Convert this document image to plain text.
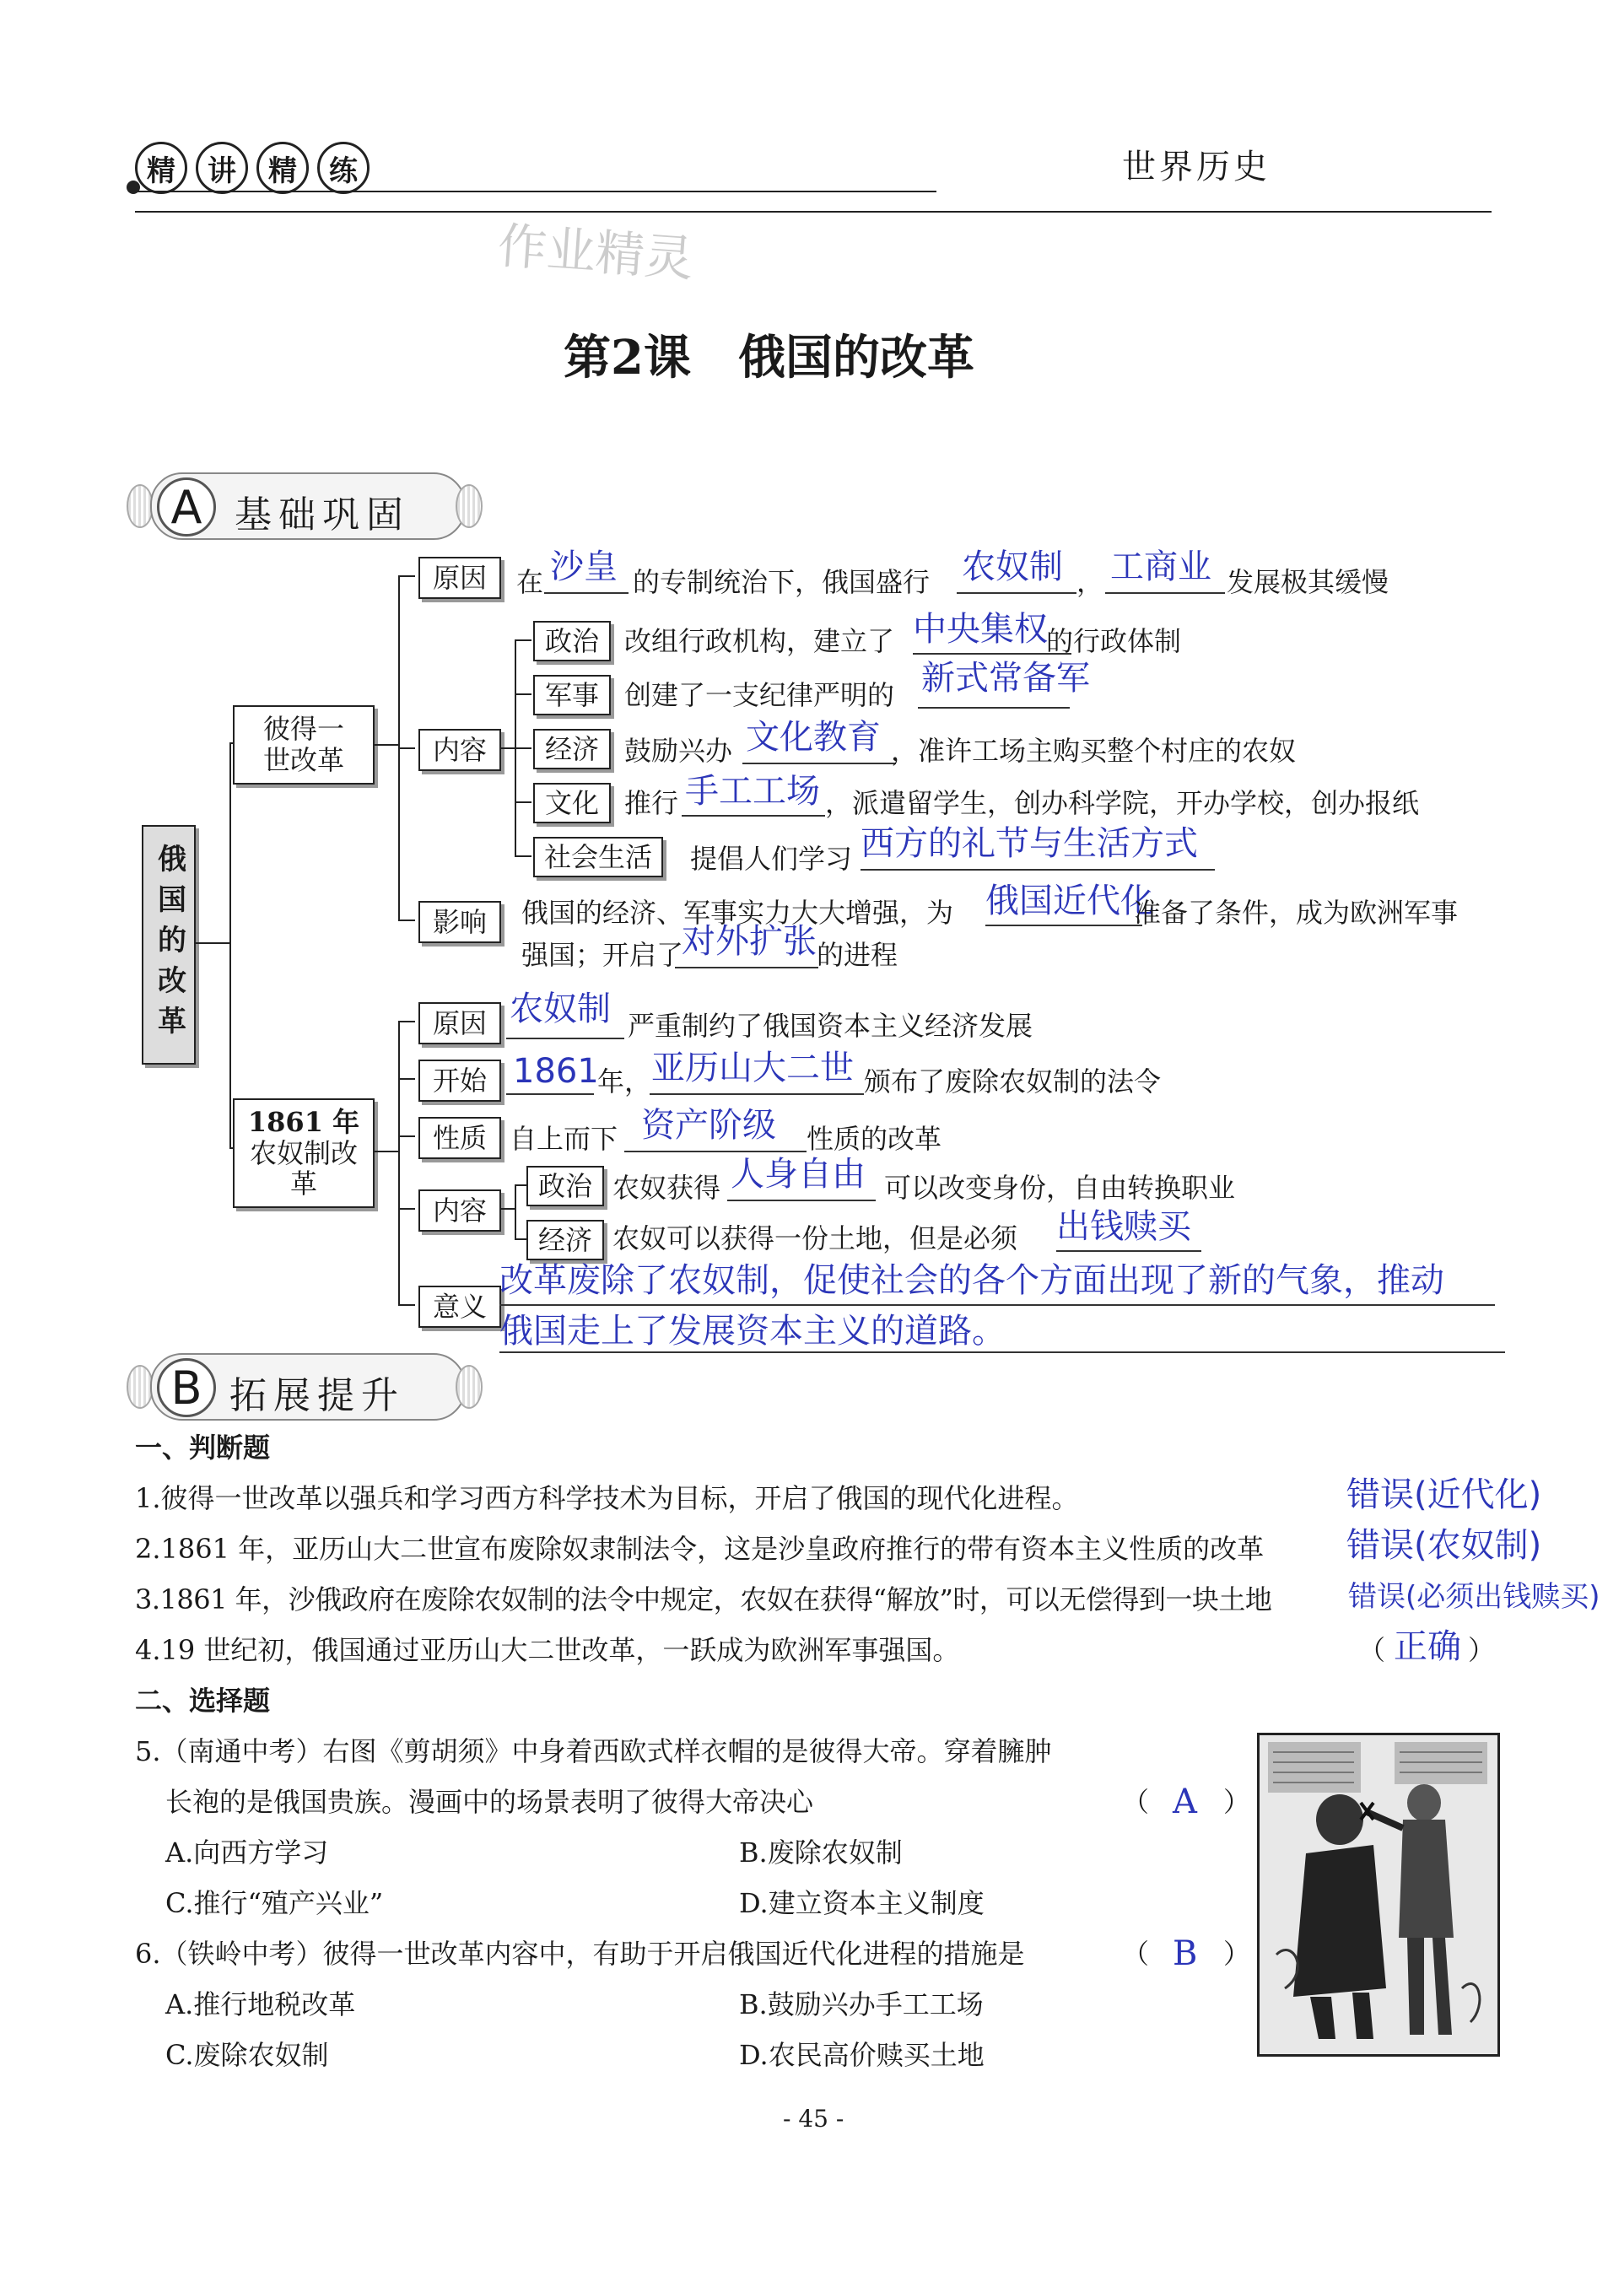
精	讲	精	练	世界历史
作业精灵
第2课　俄国的改革
A 基础巩固
俄国的改革
彼得一世改革
原因	在 沙皇 的专制统治下，俄国盛行 农奴制 ， 工商业 发展极其缓慢
内容
政治 改组行政机构，建立了 中央集权
的行政体制
军事 创建了一支纪律严明的 新式常备军
经济 鼓励兴办 文化教育 ，准许工场主购买整个村庄的农奴
文化 推行 手工工场 ，派遣留学生，创办科学院，开办学校，创办报纸
社会生活	提倡人们学习 西方的礼节与生活方式
影响	俄国的经济、军事实力大大增强，为 俄国近代化
准备了条件，成为欧洲军事
强国；开启了
对外扩张 的进程
1861 年
农奴制改
革
原因 农奴制 严重制约了俄国资本主义经济发展
开始 1861
年， 亚历山大二世 颁布了废除农奴制的法令
性质 自上而下 资产阶级 性质的改革
内容
政治 农奴获得 人身自由 可以改变身份，自由转换职业
经济 农奴可以获得一份土地，但是必须 出钱赎买
意义
改革废除了农奴制，促使社会的各个方面出现了新的气象，推动
俄国走上了发展资本主义的道路。
B 拓展提升
一、判断题
1.彼得一世改革以强兵和学习西方科学技术为目标，开启了俄国的现代化进程。	错误(近代化)
2.1861 年，亚历山大二世宣布废除奴隶制法令，这是沙皇政府推行的带有资本主义性质的改革 错误(农奴制)
3.1861 年，沙俄政府在废除农奴制的法令中规定，农奴在获得“解放”时，可以无偿得到一块土地	错误(必须出钱赎买)
4.19 世纪初，俄国通过亚历山大二世改革，一跃成为欧洲军事强国。	（ 正确 ）
二、选择题
5.（南通中考）右图《剪胡须》中身着西欧式样衣帽的是彼得大帝。穿着臃肿
长袍的是俄国贵族。漫画中的场景表明了彼得大帝决心	（ A ）
A.向西方学习	B.废除农奴制
C.推行“殖产兴业”	D.建立资本主义制度
6.（铁岭中考）彼得一世改革内容中，有助于开启俄国近代化进程的措施是	（ B ）
A.推行地税改革	B.鼓励兴办手工工场
C.废除农奴制	D.农民高价赎买土地
- 45 -
